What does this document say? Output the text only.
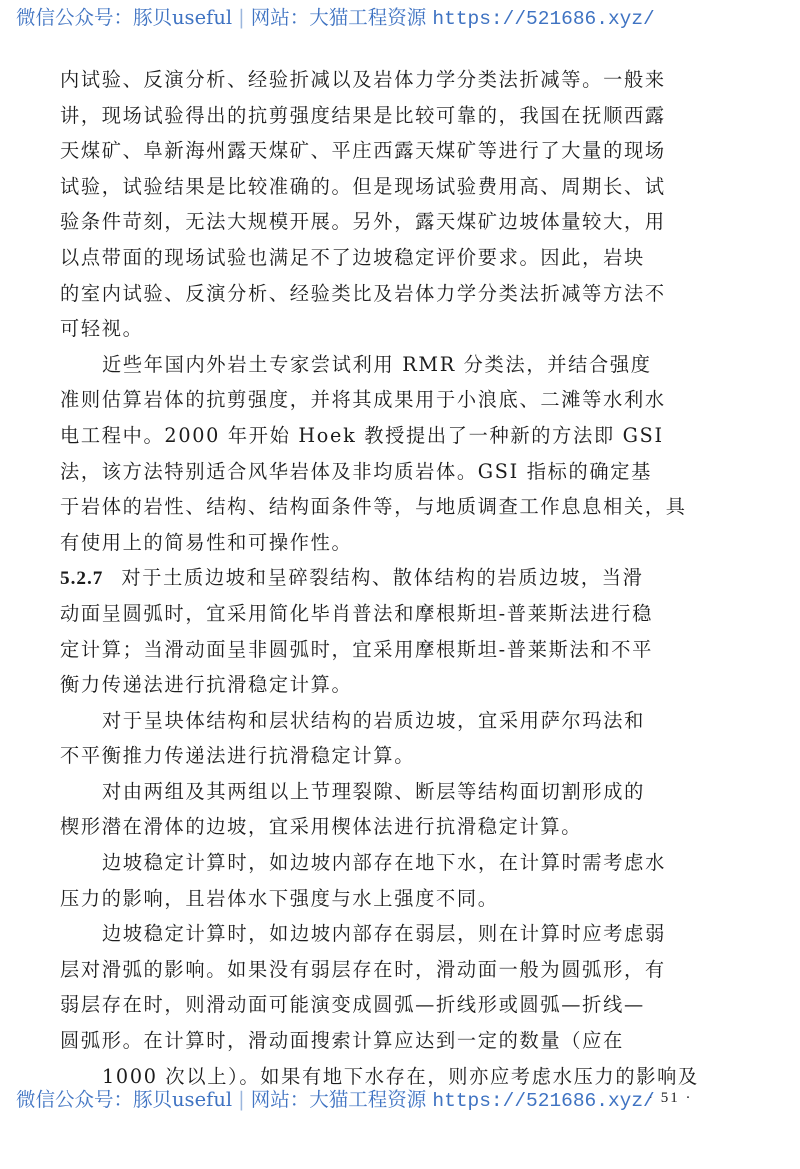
微信公众号：豚贝useful | 网站：大猫工程资源 https://521686.xyz/
内试验、反演分析、经验折减以及岩体力学分类法折减等。一般来
讲，现场试验得出的抗剪强度结果是比较可靠的，我国在抚顺西露
天煤矿、阜新海州露天煤矿、平庄西露天煤矿等进行了大量的现场
试验，试验结果是比较准确的。但是现场试验费用高、周期长、试
验条件苛刻，无法大规模开展。另外，露天煤矿边坡体量较大，用
以点带面的现场试验也满足不了边坡稳定评价要求。因此，岩块
的室内试验、反演分析、经验类比及岩体力学分类法折减等方法不
可轻视。
近些年国内外岩土专家尝试利用 RMR 分类法，并结合强度
准则估算岩体的抗剪强度，并将其成果用于小浪底、二滩等水利水
电工程中。2000 年开始 Hoek 教授提出了一种新的方法即 GSI
法，该方法特别适合风华岩体及非均质岩体。GSI 指标的确定基
于岩体的岩性、结构、结构面条件等，与地质调查工作息息相关，具
有使用上的简易性和可操作性。
5.2.7 对于土质边坡和呈碎裂结构、散体结构的岩质边坡，当滑
动面呈圆弧时，宜采用简化毕肖普法和摩根斯坦-普莱斯法进行稳
定计算；当滑动面呈非圆弧时，宜采用摩根斯坦-普莱斯法和不平
衡力传递法进行抗滑稳定计算。
对于呈块体结构和层状结构的岩质边坡，宜采用萨尔玛法和
不平衡推力传递法进行抗滑稳定计算。
对由两组及其两组以上节理裂隙、断层等结构面切割形成的
楔形潜在滑体的边坡，宜采用楔体法进行抗滑稳定计算。
边坡稳定计算时，如边坡内部存在地下水，在计算时需考虑水
压力的影响，且岩体水下强度与水上强度不同。
边坡稳定计算时，如边坡内部存在弱层，则在计算时应考虑弱
层对滑弧的影响。如果没有弱层存在时，滑动面一般为圆弧形，有
弱层存在时，则滑动面可能演变成圆弧—折线形或圆弧—折线—
圆弧形。在计算时，滑动面搜索计算应达到一定的数量（应在
1000 次以上）。如果有地下水存在，则亦应考虑水压力的影响及
· 51 ·
微信公众号：豚贝useful | 网站：大猫工程资源 https://521686.xyz/
